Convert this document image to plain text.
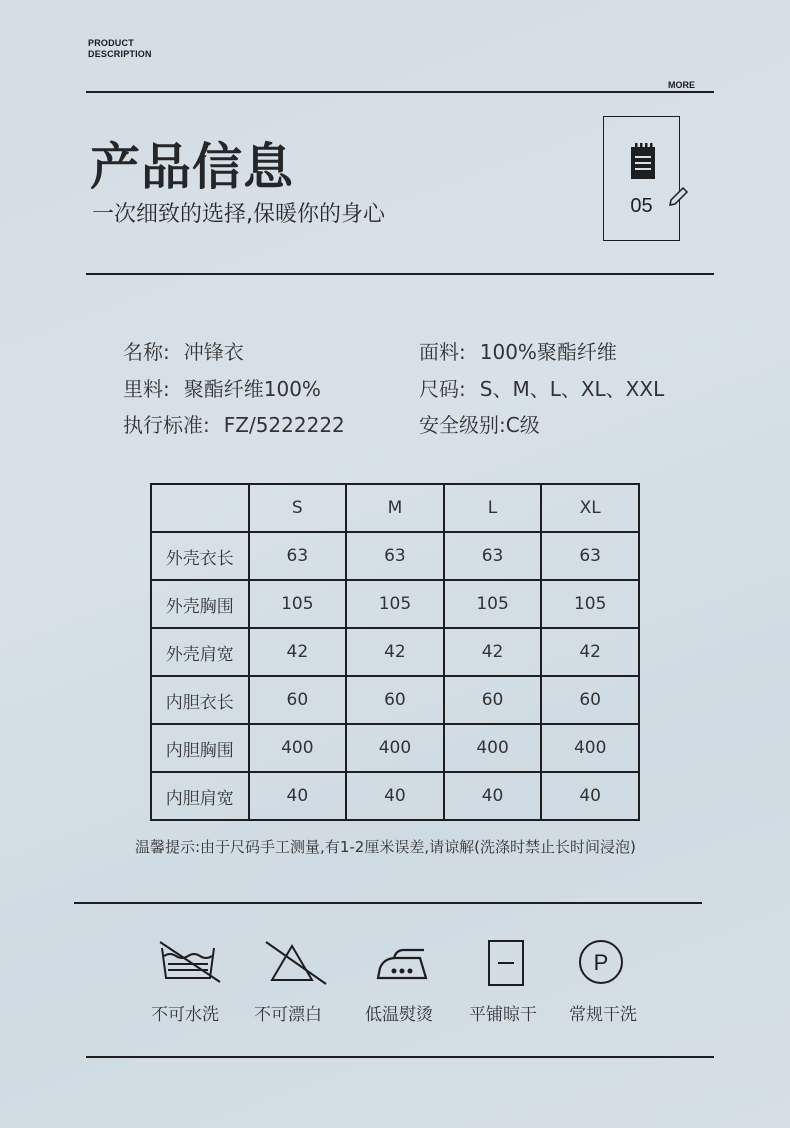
PRODUCT
DESCRIPTION
MORE
产品信息
一次细致的选择,保暖你的身心	05
名称: 冲锋衣	面料: 100%聚酯纤维
里料: 聚酯纤维100%	尺码: S、M、L、XL、XXL
执行标准: FZ/5222222	安全级别:C级
	S	M	L	XL
外壳衣长	63	63	63	63
外壳胸围	105	105	105	105
外壳肩宽	42	42	42	42
内胆衣长	60	60	60	60
内胆胸围	400	400	400	400
内胆肩宽	40	40	40	40
温馨提示:由于尺码手工测量,有1-2厘米误差,请谅解(洗涤时禁止长时间浸泡)
P
不可水洗	不可漂白	低温熨烫	平铺晾干	常规干洗
